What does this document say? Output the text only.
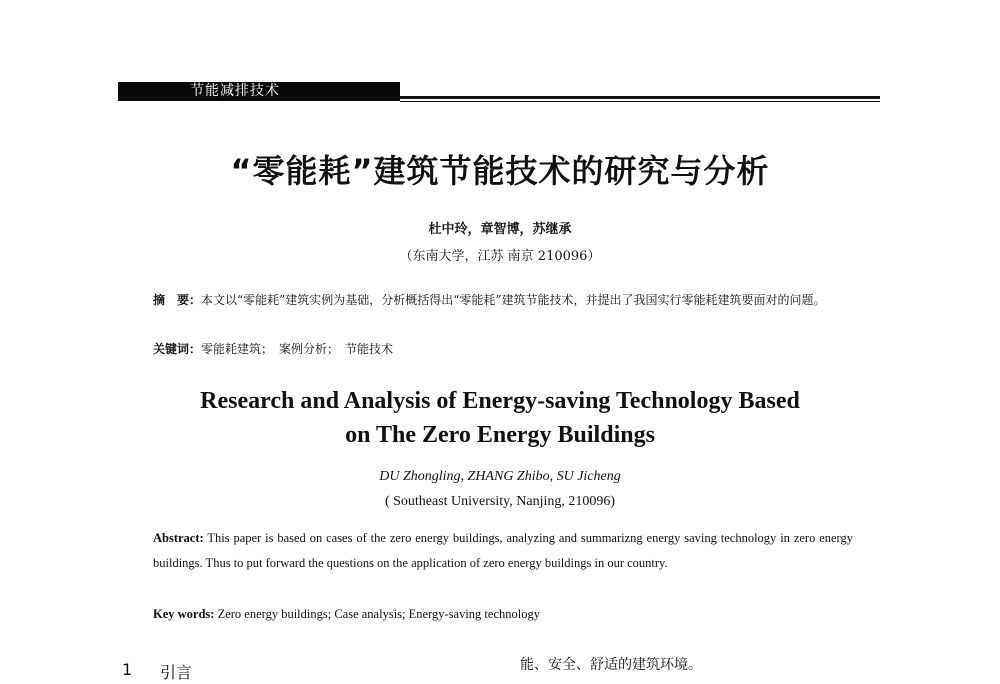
节能减排技术
“零能耗”建筑节能技术的研究与分析
杜中玲，章智博，苏继承
（东南大学，江苏 南京 210096）
摘　要：本文以“零能耗”建筑实例为基础，分析概括得出“零能耗”建筑节能技术，并提出了我国实行零能耗建筑要面对的问题。
关键词：零能耗建筑；　案例分析；　节能技术
Research and Analysis of Energy-saving Technology Based
on The Zero Energy Buildings
DU Zhongling, ZHANG Zhibo, SU Jicheng
( Southeast University, Nanjing, 210096)
Abstract: This paper is based on cases of the zero energy buildings, analyzing and summarizng energy saving technology in zero energy buildings. Thus to put forward the questions on the application of zero energy buildings in our country.
Key words: Zero energy buildings; Case analysis; Energy-saving technology
1 引言	能、安全、舒适的建筑环境。
